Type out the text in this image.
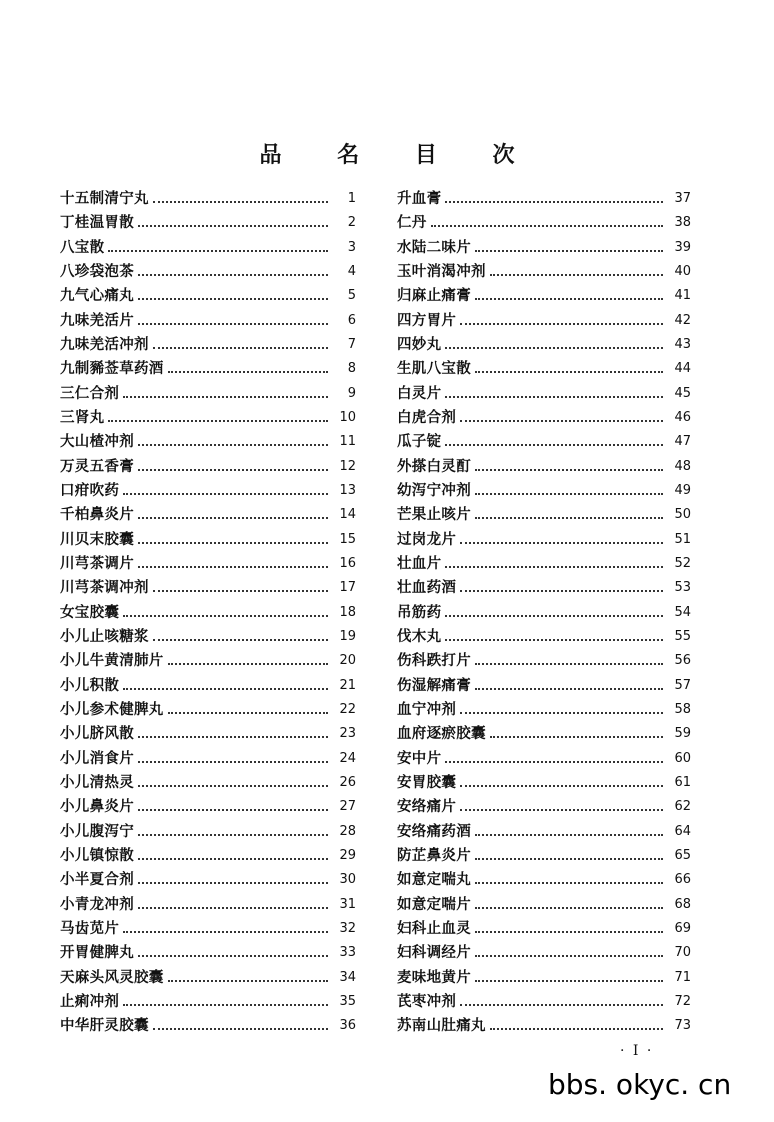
品 名 目 次
十五制清宁丸	1
丁桂温胃散	2
八宝散	3
八珍袋泡茶	4
九气心痛丸	5
九味羌活片	6
九味羌活冲剂	7
九制豨莶草药酒	8
三仁合剂	9
三肾丸	10
大山楂冲剂	11
万灵五香膏	12
口疳吹药	13
千柏鼻炎片	14
川贝末胶囊	15
川芎茶调片	16
川芎茶调冲剂	17
女宝胶囊	18
小儿止咳糖浆	19
小儿牛黄清肺片	20
小儿积散	21
小儿参术健脾丸	22
小儿脐风散	23
小儿消食片	24
小儿清热灵	26
小儿鼻炎片	27
小儿腹泻宁	28
小儿镇惊散	29
小半夏合剂	30
小青龙冲剂	31
马齿苋片	32
开胃健脾丸	33
天麻头风灵胶囊	34
止痢冲剂	35
中华肝灵胶囊	36
升血膏	37
仁丹	38
水陆二味片	39
玉叶消渴冲剂	40
归麻止痛膏	41
四方胃片	42
四妙丸	43
生肌八宝散	44
白灵片	45
白虎合剂	46
瓜子锭	47
外搽白灵酊	48
幼泻宁冲剂	49
芒果止咳片	50
过岗龙片	51
壮血片	52
壮血药酒	53
吊筋药	54
伐木丸	55
伤科跌打片	56
伤湿解痛膏	57
血宁冲剂	58
血府逐瘀胶囊	59
安中片	60
安胃胶囊	61
安络痛片	62
安络痛药酒	64
防芷鼻炎片	65
如意定喘丸	66
如意定喘片	68
妇科止血灵	69
妇科调经片	70
麦味地黄片	71
芪枣冲剂	72
苏南山肚痛丸	73
· I ·
bbs. okyc. cn
